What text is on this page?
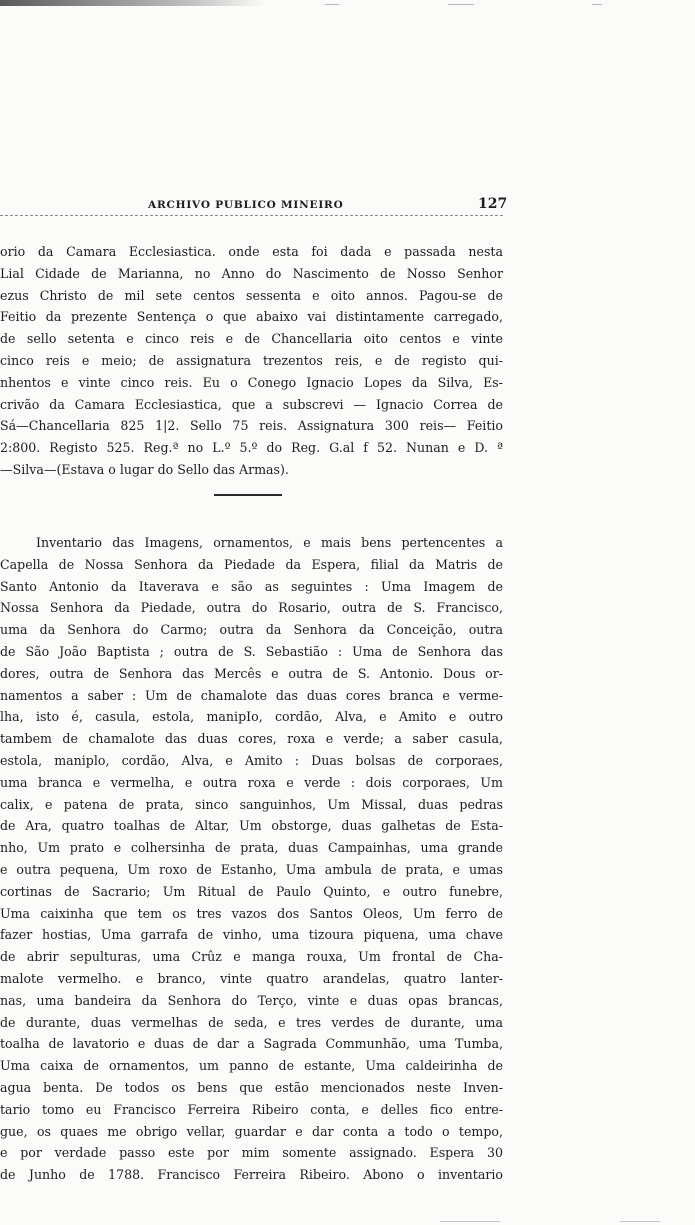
ARCHIVO PUBLICO MINEIRO	127
orio da Camara Ecclesiastica. onde esta foi dada e passada nesta
Lial Cidade de Marianna, no Anno do Nascimento de Nosso Senhor
ezus Christo de mil sete centos sessenta e oito annos. Pagou-se de
Feitio da prezente Sentença o que abaixo vai distintamente carregado,
de sello setenta e cinco reis e de Chancellaria oito centos e vinte
cinco reis e meio; de assignatura trezentos reis, e de registo qui-
nhentos e vinte cinco reis. Eu o Conego Ignacio Lopes da Silva, Es-
crivão da Camara Ecclesiastica, que a subscrevi — Ignacio Correa de
Sá—Chancellaria 825 1|2. Sello 75 reis. Assignatura 300 reis— Feitio
2:800. Registo 525. Reg.ª no L.º 5.º do Reg. G.al f 52. Nunan e D. ª
—Silva—(Estava o lugar do Sello das Armas).
Inventario das Imagens, ornamentos, e mais bens pertencentes a
Capella de Nossa Senhora da Piedade da Espera, filial da Matris de
Santo Antonio da Itaverava e são as seguintes : Uma Imagem de
Nossa Senhora da Piedade, outra do Rosario, outra de S. Francisco,
uma da Senhora do Carmo; outra da Senhora da Conceição, outra
de São João Baptista ; outra de S. Sebastião : Uma de Senhora das
dores, outra de Senhora das Mercês e outra de S. Antonio. Dous or-
namentos a saber : Um de chamalote das duas cores branca e verme-
lha, isto é, casula, estola, manipIo, cordão, Alva, e Amito e outro
tambem de chamalote das duas cores, roxa e verde; a saber casula,
estola, maniplo, cordão, Alva, e Amito : Duas bolsas de corporaes,
uma branca e vermelha, e outra roxa e verde : dois corporaes, Um
calix, e patena de prata, sinco sanguinhos, Um Missal, duas pedras
de Ara, quatro toalhas de Altar, Um obstorge, duas galhetas de Esta-
nho, Um prato e colhersinha de prata, duas Campainhas, uma grande
e outra pequena, Um roxo de Estanho, Uma ambula de prata, e umas
cortinas de Sacrario; Um Ritual de Paulo Quinto, e outro funebre,
Uma caixinha que tem os tres vazos dos Santos Oleos, Um ferro de
fazer hostias, Uma garrafa de vinho, uma tizoura piquena, uma chave
de abrir sepulturas, uma Crûz e manga rouxa, Um frontal de Cha-
malote vermelho. e branco, vinte quatro arandelas, quatro lanter-
nas, uma bandeira da Senhora do Terço, vinte e duas opas brancas,
de durante, duas vermelhas de seda, e tres verdes de durante, uma
toalha de lavatorio e duas de dar a Sagrada Communhão, uma Tumba,
Uma caixa de ornamentos, um panno de estante, Uma caldeirinha de
agua benta. De todos os bens que estão mencionados neste Inven-
tario tomo eu Francisco Ferreira Ribeiro conta, e delles fico entre-
gue, os quaes me obrigo vellar, guardar e dar conta a todo o tempo,
e por verdade passo este por mim somente assignado. Espera 30
de Junho de 1788. Francisco Ferreira Ribeiro. Abono o inventario
